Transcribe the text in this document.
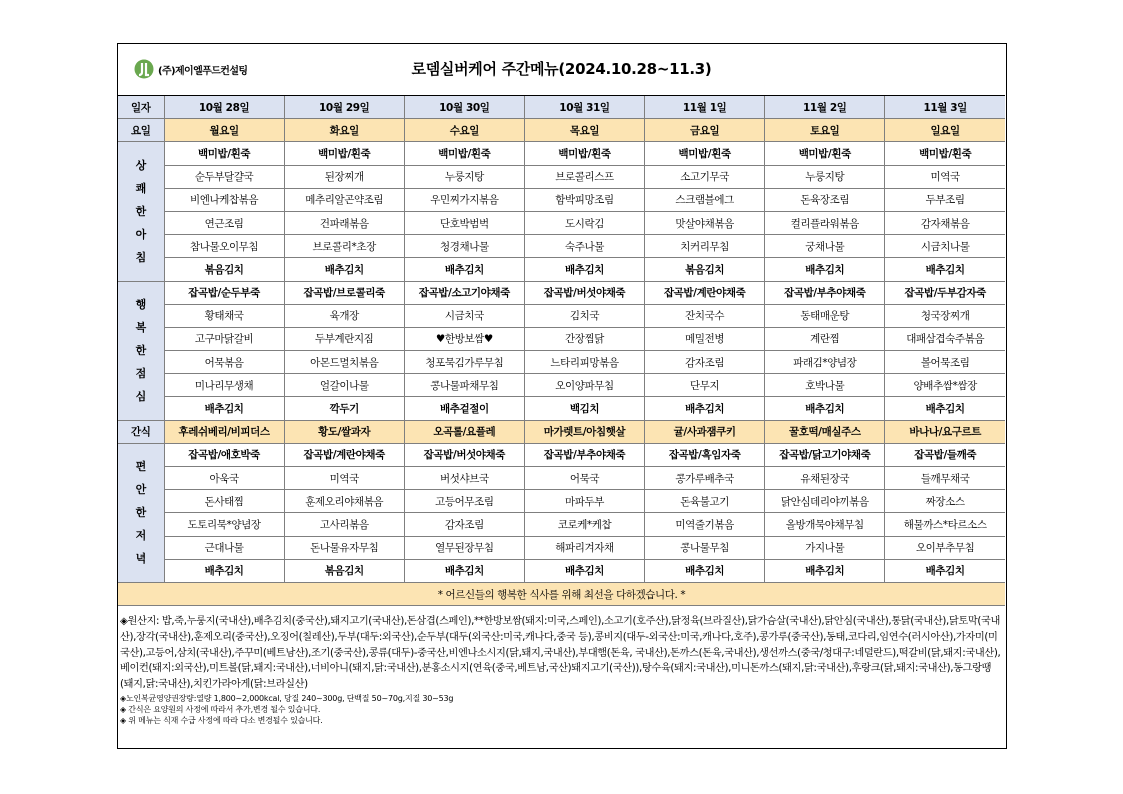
(주)제이엘푸드컨설팅	로뎀실버케어 주간메뉴(2024.10.28~11.3)
일자	10월 28일	10월 29일	10월 30일	10월 31일	11월 1일	11월 2일	11월 3일
요일	월요일	화요일	수요일	목요일	금요일	토요일	일요일

상
쾌
한
아
침	백미밥/흰죽	백미밥/흰죽	백미밥/흰죽	백미밥/흰죽	백미밥/흰죽	백미밥/흰죽	백미밥/흰죽
	순두부달걀국	된장찌개	누룽지탕	브로콜리스프	소고기무국	누룽지탕	미역국
	비엔나케찹볶음	메추리알곤약조림	우민찌가지볶음	함박피망조림	스크램블에그	돈육장조림	두부조림
	연근조림	건파래볶음	단호박범벅	도시락김	맛살야채볶음	컬리플라워볶음	감자채볶음
	참나물오이무침	브로콜리*초장	청경채나물	숙주나물	치커리무침	궁채나물	시금치나물
	볶음김치	배추김치	배추김치	배추김치	볶음김치	배추김치	배추김치

행
복
한
점
심	잡곡밥/순두부죽	잡곡밥/브로콜리죽	잡곡밥/소고기야채죽	잡곡밥/버섯야채죽	잡곡밥/계란야채죽	잡곡밥/부추야채죽	잡곡밥/두부감자죽
	황태채국	육개장	시금치국	김치국	잔치국수	동태매운탕	청국장찌개
	고구마닭갈비	두부계란지짐	♥한방보쌈♥	간장찜닭	메밀전병	계란찜	대패삼겹숙주볶음
	어묵볶음	아몬드멸치볶음	청포묵김가루무침	느타리피망볶음	감자조림	파래김*양념장	볼어묵조림
	미나리무생채	얼갈이나물	콩나물파채무침	오이양파무침	단무지	호박나물	양배추쌈*쌈장
	배추김치	깍두기	배추겉절이	백김치	배추김치	배추김치	배추김치
간식	후레쉬베리/비피더스	황도/쌀과자	오곡롤/요플레	마가렛트/아침햇살	귤/사과잼쿠키	꿀호떡/매실주스	바나나/요구르트

편
안
한
저
녁	잡곡밥/애호박죽	잡곡밥/계란야채죽	잡곡밥/버섯야채죽	잡곡밥/부추야채죽	잡곡밥/흑임자죽	잡곡밥/닭고기야채죽	잡곡밥/들깨죽
	아욱국	미역국	버섯샤브국	어묵국	콩가루배추국	유채된장국	들깨무채국
	돈사태찜	훈제오리야채볶음	고등어무조림	마파두부	돈육불고기	닭안심데리야끼볶음	짜장소스
	도토리묵*양념장	고사리볶음	감자조림	코로케*케찹	미역줄기볶음	올방개묵야채무침	해물까스*타르소스
	근대나물	돈나물유자무침	열무된장무침	해파리겨자채	콩나물무침	가지나물	오이부추무침
	배추김치	볶음김치	배추김치	배추김치	배추김치	배추김치	배추김치
* 어르신들의 행복한 식사를 위해 최선을 다하겠습니다. *							
◈원산지: 밥,죽,누룽지(국내산),배추김치(중국산),돼지고기(국내산),돈삼겹(스페인),**한방보쌈(돼지:미국,스페인),소고기(호주산),닭정육(브라질산),닭가슴살(국내산),닭안심(국내산),통닭(국내산),닭토막(국내산),장각(국내산),훈제오리(중국산),오징어(칠레산),두부(대두:외국산),순두부(대두(외국산:미국,캐나다,중국 등),콩비지(대두-외국산:미국,캐나다,호주),콩가루(중국산),동태,코다리,임연수(러시아산),가자미(미국산),고등어,삼치(국내산),주꾸미(베트남산),조기(중국산),콩류(대두)-중국산,비엔나소시지(닭,돼지,국내산),부대햄(돈육, 국내산),돈까스(돈육,국내산),생선까스(중국/청대구:네덜란드),떡갈비(닭,돼지:국내산),베이컨(돼지:외국산),미트볼(닭,돼지:국내산),너비아니(돼지,닭:국내산),분홍소시지(연육(중국,베트남,국산)돼지고기(국산)),탕수육(돼지:국내산),미니돈까스(돼지,닭:국내산),후랑크(닭,돼지:국내산),동그랑땡(돼지,닭:국내산),치킨가라아게(닭:브라실산)
◈노인복균영양권장량:열량 1,800~2,000kcal, 당질 240~300g, 단백질 50~70g,지질 30~53g
◈ 간식은 요양원의 사정에 따라서 추가,변경 될수 있습니다.
◈ 위 메뉴는 식재 수급 사정에 따라 다소 변경될수 있습니다.
